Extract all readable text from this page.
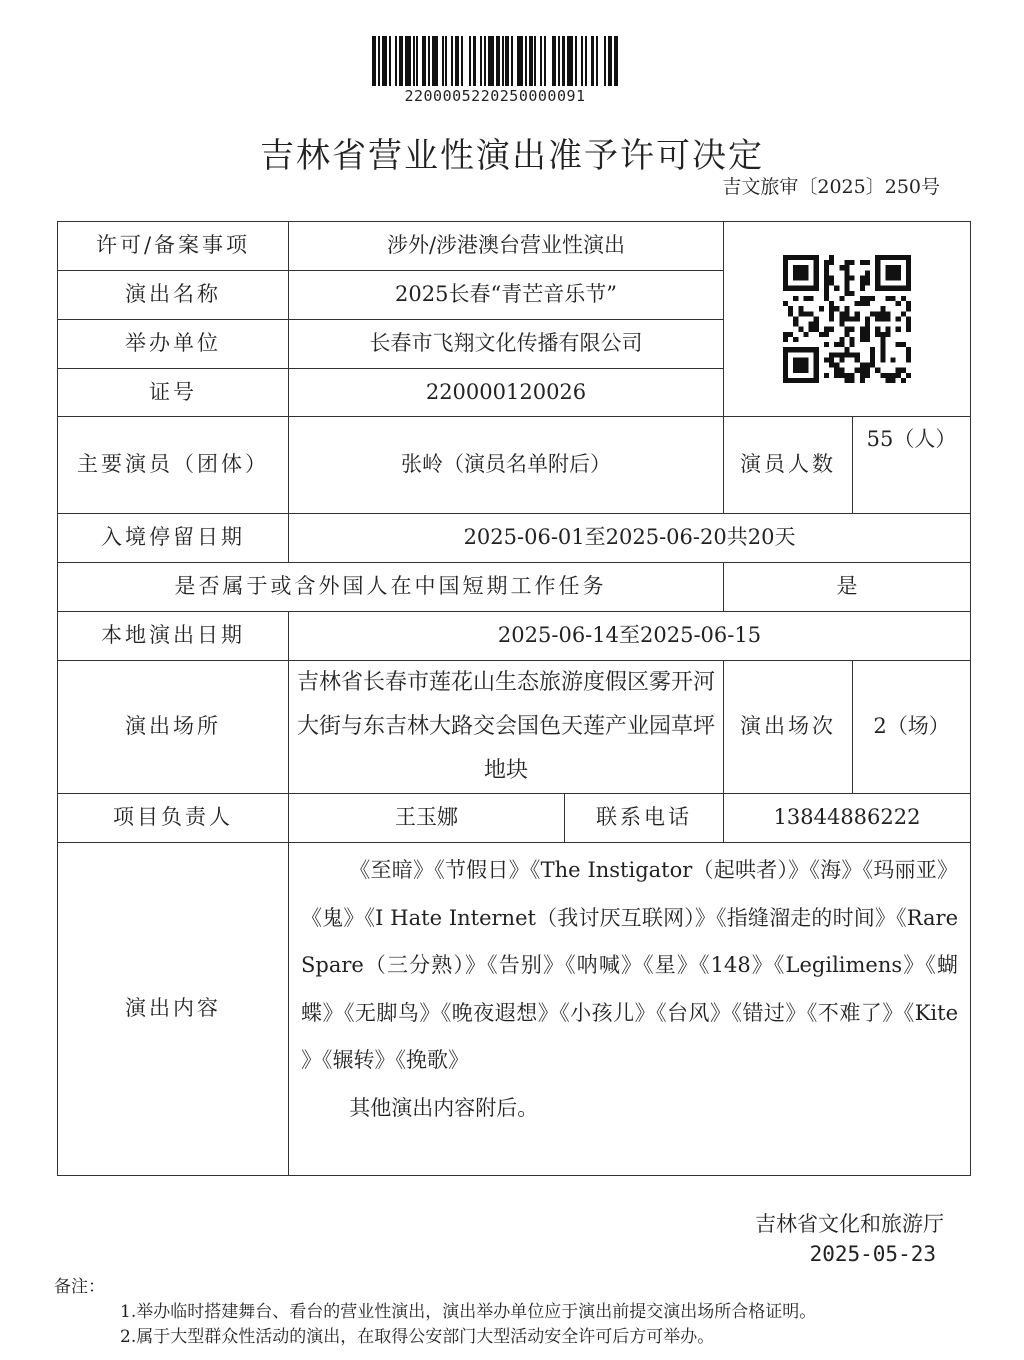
2200005220250000091
吉林省营业性演出准予许可决定
吉文旅审〔2025〕250号
许可/备案事项	涉外/涉港澳台营业性演出	

演出名称	2025长春“青芒音乐节”			
举办单位	长春市飞翔文化传播有限公司			
证号	220000120026			
主要演员（团体）	张岭（演员名单附后）		演员人数	55（人）
入境停留日期	2025-06-01至2025-06-20共20天			
是否属于或含外国人在中国短期工作任务			是	
本地演出日期	2025-06-14至2025-06-15			
演出场所	吉林省长春市莲花山生态旅游度假区雾开河大街与东吉林大路交会国色天莲产业园草坪地块		演出场次	2（场）
项目负责人	王玉娜	联系电话	13844886222	
演出内容	《至暗》《节假日》《The Instigator（起哄者）》《海》《玛丽亚》《鬼》《I Hate Internet（我讨厌互联网）》《指缝溜走的时间》《Rare Spare（三分熟）》《告别》《呐喊》《星》《148》《Legilimens》《蝴蝶》《无脚鸟》《晚夜遐想》《小孩儿》《台风》《错过》《不难了》《Kite 》《辗转》《挽歌》
其他演出内容附后。			
吉林省文化和旅游厅
2025-05-23
备注：
1.举办临时搭建舞台、看台的营业性演出，演出举办单位应于演出前提交演出场所合格证明。
2.属于大型群众性活动的演出，在取得公安部门大型活动安全许可后方可举办。
